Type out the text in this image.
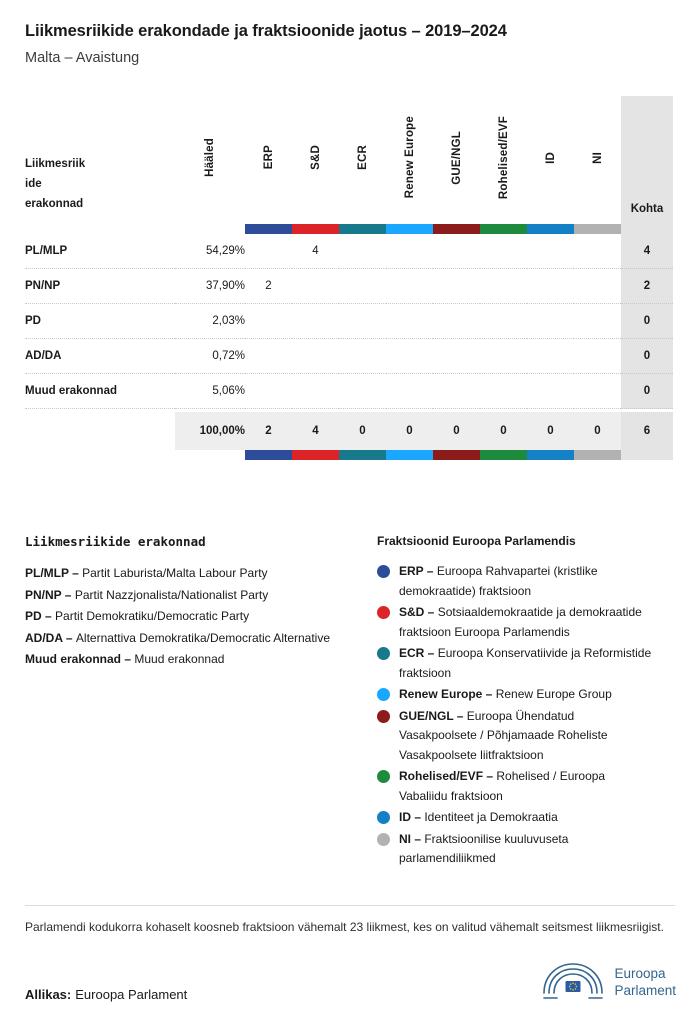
Liikmesriikide erakondade ja fraktsioonide jaotus – 2019–2024
Malta – Avaistung
Liikmesriikide erakonnad	Hääled	ERP	S&D	ECR	Renew Europe	GUE/NGL	Rohelised/EVF	ID	NI	Kohta

PL/MLP	54,29%		4							4
PN/NP	37,90%	2								2
PD	2,03%									0
AD/DA	0,72%									0
Muud erakonnad	5,06%									0

	100,00%	2	4	0	0	0	0	0	0	6

Liikmesriikide erakonnad
PL/MLP – Partit Laburista/Malta Labour Party
PN/NP – Partit Nazzjonalista/Nationalist Party
PD – Partit Demokratiku/Democratic Party
AD/DA – Alternattiva Demokratika/Democratic Alternative
Muud erakonnad – Muud erakonnad
Fraktsioonid Euroopa Parlamendis
ERP – Euroopa Rahvapartei (kristlike demokraatide) fraktsioon
S&D – Sotsiaaldemokraatide ja demokraatide fraktsioon Euroopa Parlamendis
ECR – Euroopa Konservatiivide ja Reformistide fraktsioon
Renew Europe – Renew Europe Group
GUE/NGL – Euroopa Ühendatud Vasakpoolsete / Põhjamaade Roheliste Vasakpoolsete liitfraktsioon
Rohelised/EVF – Rohelised / Euroopa Vabaliidu fraktsioon
ID – Identiteet ja Demokraatia
NI – Fraktsioonilise kuuluvuseta parlamendiliikmed
Parlamendi kodukorra kohaselt koosneb fraktsioon vähemalt 23 liikmest, kes on valitud vähemalt seitsmest liikmesriigist.
Allikas: Euroopa Parlament
Euroopa
Parlament
